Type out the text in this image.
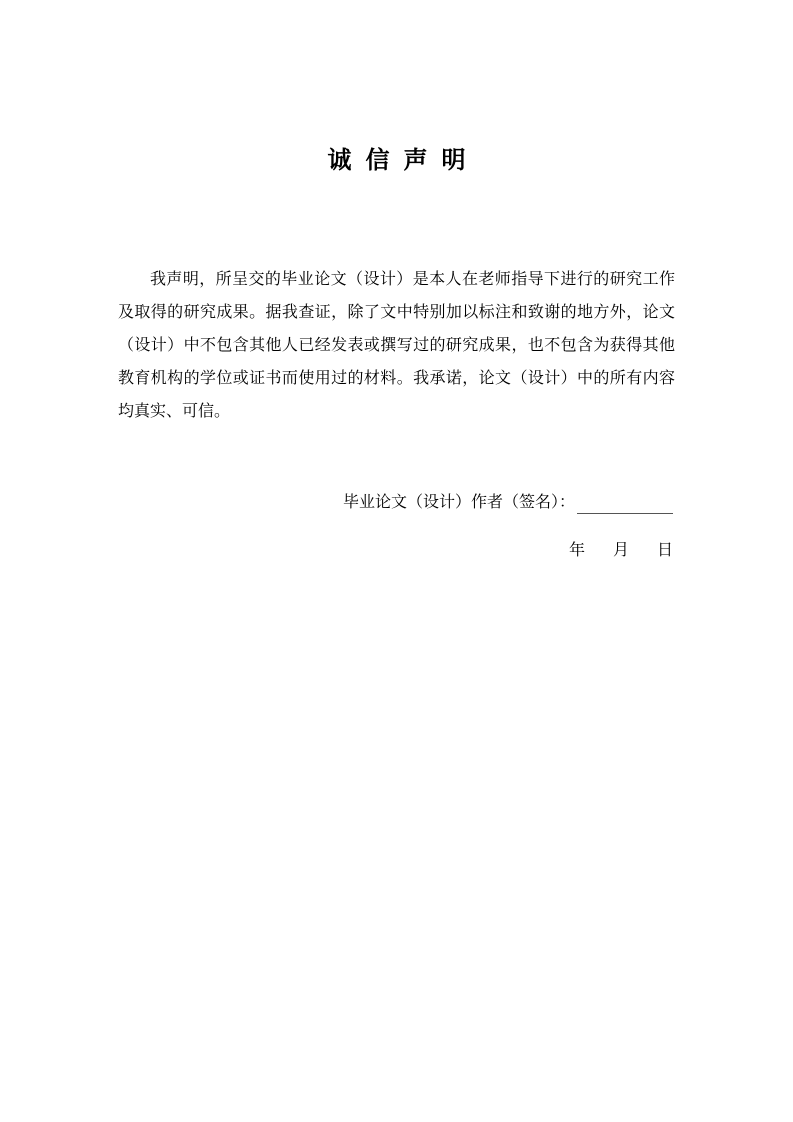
诚信声明

我声明，所呈交的毕业论文（设计）是本人在老师指导下进行的研究工作及取得的研究成果。据我查证，除了文中特别加以标注和致谢的地方外，论文（设计）中不包含其他人已经发表或撰写过的研究成果，也不包含为获得其他教育机构的学位或证书而使用过的材料。我承诺，论文（设计）中的所有内容均真实、可信。

毕业论文（设计）作者（签名）：
年 月 日
